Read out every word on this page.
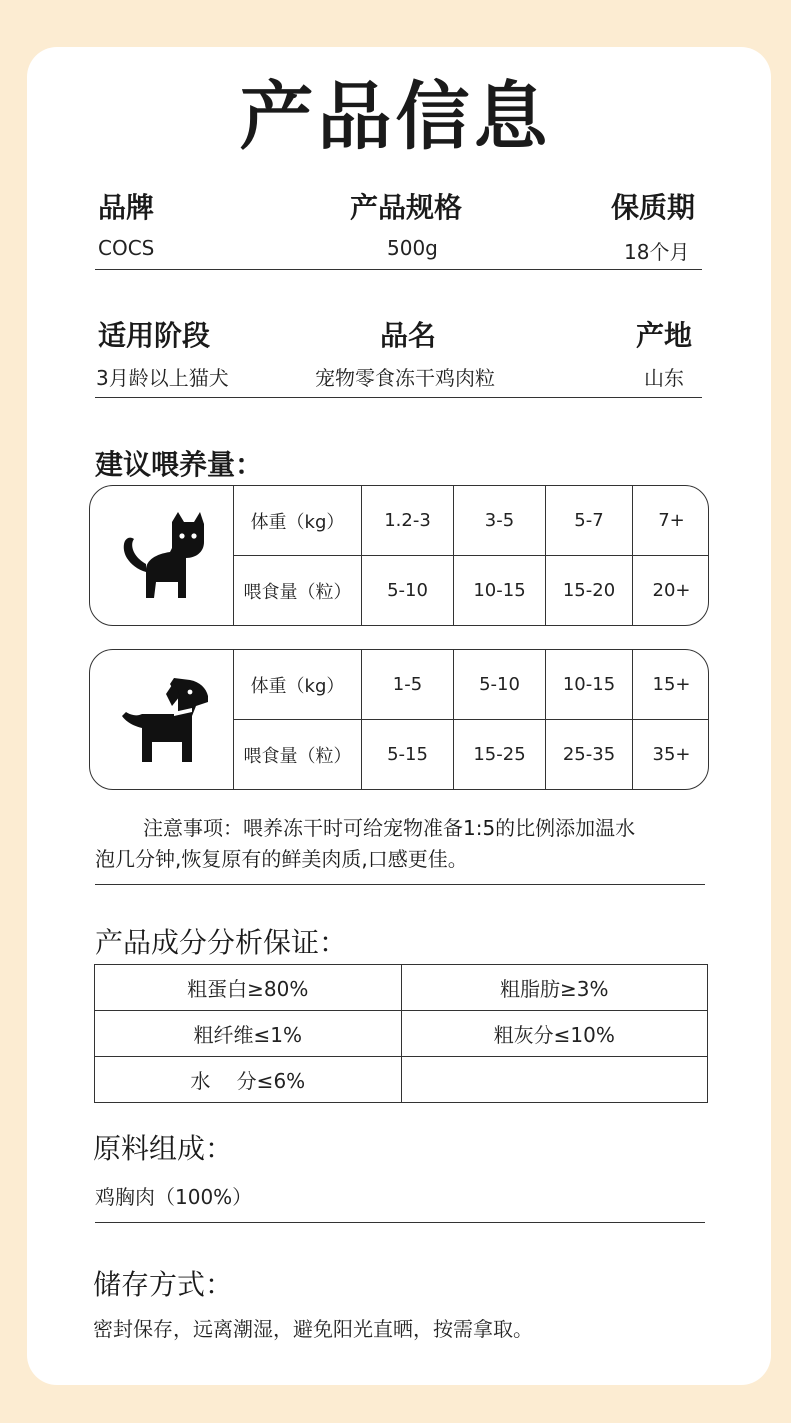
产品信息
品牌	产品规格	保质期
COCS	500g	18个月
适用阶段	品名	产地
3月龄以上猫犬	宠物零食冻干鸡肉粒	山东
建议喂养量：
体重（kg）	1.2-3	3-5	5-7	7+
喂食量（粒）	5-10	10-15	15-20	20+
体重（kg）	1-5	5-10	10-15	15+
喂食量（粒）	5-15	15-25	25-35	35+
注意事项：喂养冻干时可给宠物准备1:5的比例添加温水
泡几分钟,恢复原有的鲜美肉质,口感更佳。
产品成分分析保证：
粗蛋白≥80%	粗脂肪≥3%
粗纤维≤1%	粗灰分≤10%
水　 分≤6%	
原料组成：
鸡胸肉（100%）
储存方式：
密封保存，远离潮湿，避免阳光直晒，按需拿取。
